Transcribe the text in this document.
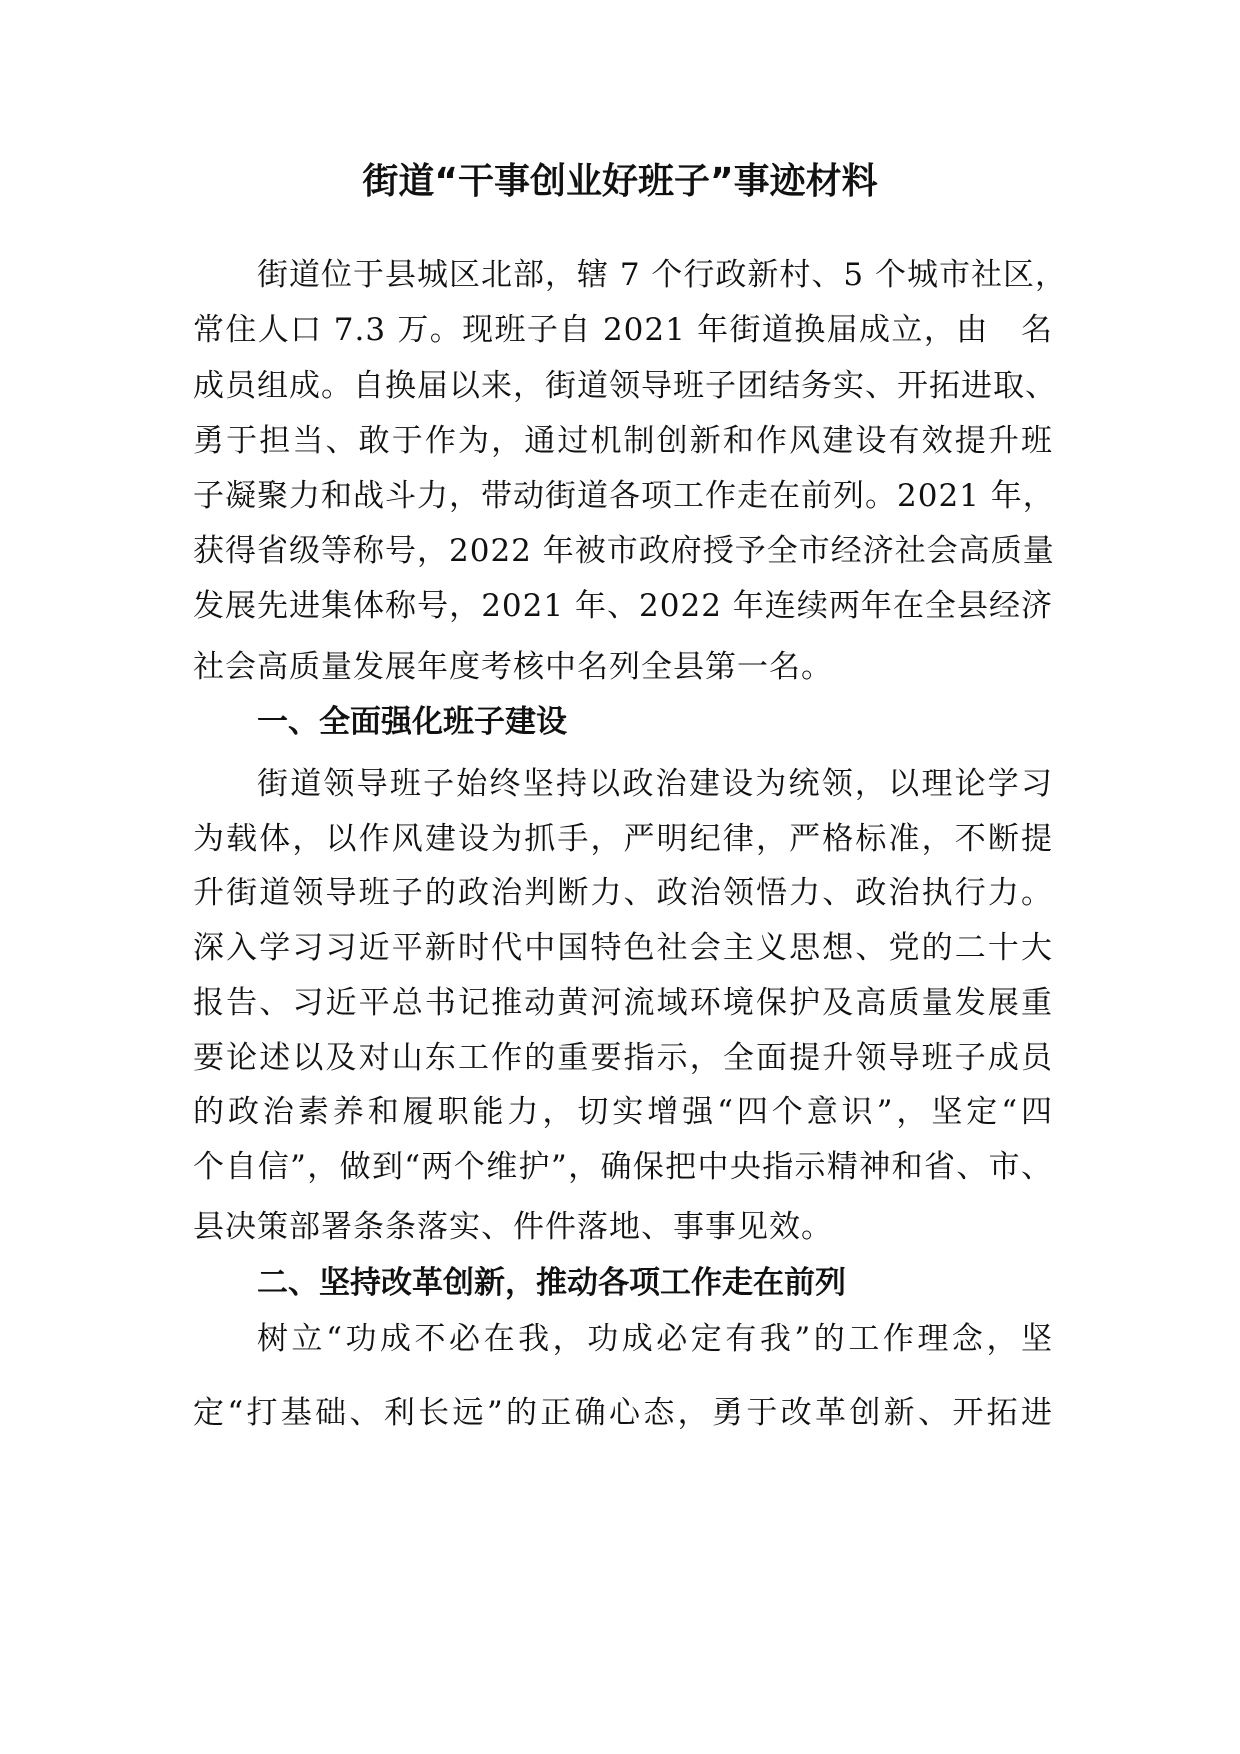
街道“干事创业好班子”事迹材料
街道位于县城区北部，辖 7 个行政新村、5 个城市社区，
常住人口 7.3 万。现班子自 2021 年街道换届成立，由　名
成员组成。自换届以来，街道领导班子团结务实、开拓进取、
勇于担当、敢于作为，通过机制创新和作风建设有效提升班
子凝聚力和战斗力，带动街道各项工作走在前列。2021 年，
获得省级等称号，2022 年被市政府授予全市经济社会高质量
发展先进集体称号，2021 年、2022 年连续两年在全县经济
社会高质量发展年度考核中名列全县第一名。
一、全面强化班子建设
街道领导班子始终坚持以政治建设为统领，以理论学习
为载体，以作风建设为抓手，严明纪律，严格标准，不断提
升街道领导班子的政治判断力、政治领悟力、政治执行力。
深入学习习近平新时代中国特色社会主义思想、党的二十大
报告、习近平总书记推动黄河流域环境保护及高质量发展重
要论述以及对山东工作的重要指示，全面提升领导班子成员
的政治素养和履职能力，切实增强“四个意识”，坚定“四
个自信”，做到“两个维护”，确保把中央指示精神和省、市、
县决策部署条条落实、件件落地、事事见效。
二、坚持改革创新，推动各项工作走在前列
树立“功成不必在我，功成必定有我”的工作理念，坚
定“打基础、利长远”的正确心态，勇于改革创新、开拓进
